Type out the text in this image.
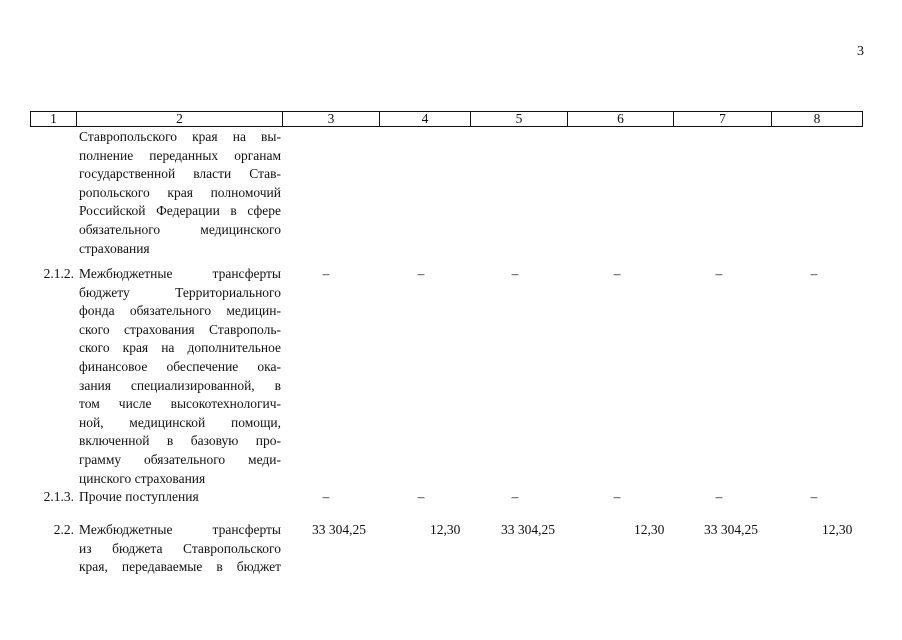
3
1	2	3	4	5	6	7	8
Ставропольского края на вы-
полнение переданных органам
государственной власти Став-
ропольского края полномочий
Российской Федерации в сфере
обязательного медицинского
страхования
2.1.2. Межбюджетные трансферты
бюджету Территориального
фонда обязательного медицин-
ского страхования Ставрополь-
ского края на дополнительное
финансовое обеспечение ока-
зания специализированной, в
том числе высокотехнологич-
ной, медицинской помощи,
включенной в базовую про-
грамму обязательного меди-
цинского страхования
–	–	–	–	–	–
2.1.3. Прочие поступления	–	–	–	–	–	–
2.2. Межбюджетные трансферты
из бюджета Ставропольского
края, передаваемые в бюджет
33 304,25	12,30	33 304,25	12,30	33 304,25	12,30
